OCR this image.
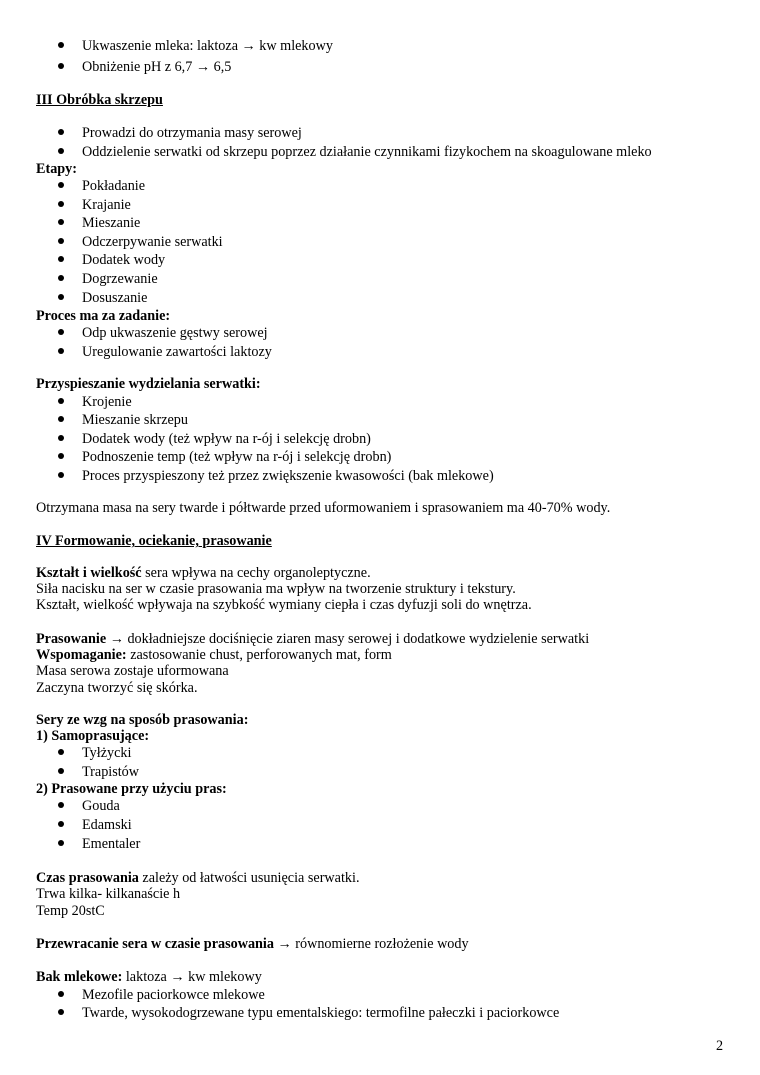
Ukwaszenie mleka: laktoza → kw mlekowy
Obniżenie pH z 6,7 → 6,5
III Obróbka skrzepu
Prowadzi do otrzymania masy serowej
Oddzielenie serwatki od skrzepu poprzez działanie czynnikami fizykochem na skoagulowane mleko
Etapy:
Pokładanie
Krajanie
Mieszanie
Odczerpywanie serwatki
Dodatek wody
Dogrzewanie
Dosuszanie
Proces ma za zadanie:
Odp ukwaszenie gęstwy serowej
Uregulowanie zawartości laktozy
Przyspieszanie wydzielania serwatki:
Krojenie
Mieszanie skrzepu
Dodatek wody (też wpływ na r-ój i selekcję drobn)
Podnoszenie temp (też wpływ na r-ój i selekcję drobn)
Proces przyspieszony też przez zwiększenie kwasowości (bak mlekowe)
Otrzymana masa na sery twarde i półtwarde przed uformowaniem i sprasowaniem ma 40-70% wody.
IV Formowanie, ociekanie, prasowanie
Kształt i wielkość sera wpływa na cechy organoleptyczne.
Siła nacisku na ser w czasie prasowania ma wpływ na tworzenie struktury i tekstury.
Kształt, wielkość wpływaja na szybkość wymiany ciepła i czas dyfuzji soli do wnętrza.
Prasowanie → dokładniejsze dociśnięcie ziaren masy serowej i dodatkowe wydzielenie serwatki
Wspomaganie: zastosowanie chust, perforowanych mat, form
Masa serowa zostaje uformowana
Zaczyna tworzyć się skórka.
Sery ze wzg na sposób prasowania:
1) Samoprasujące:
Tyłżycki
Trapistów
2) Prasowane przy użyciu pras:
Gouda
Edamski
Ementaler
Czas prasowania zależy od łatwości usunięcia serwatki.
Trwa kilka- kilkanaście h
Temp 20stC
Przewracanie sera w czasie prasowania → równomierne rozłożenie wody
Bak mlekowe: laktoza → kw mlekowy
Mezofile paciorkowce mlekowe
Twarde, wysokodogrzewane typu ementalskiego: termofilne pałeczki i paciorkowce
2
